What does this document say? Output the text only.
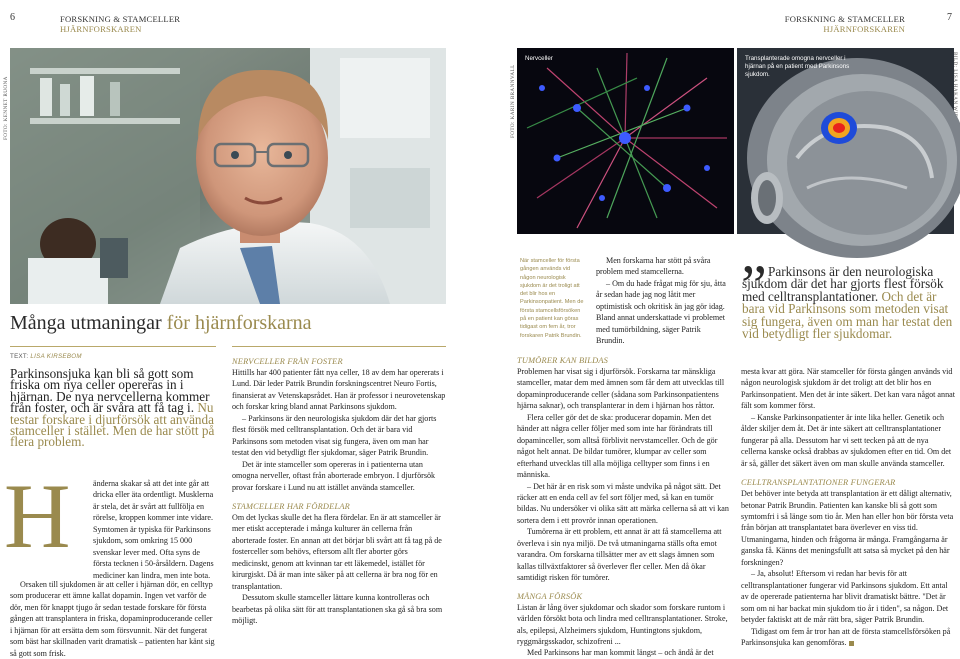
6	FORSKNING & STAMCELLER
HJÄRNFORSKAREN
FORSKNING & STAMCELLER
HJÄRNFORSKAREN
7
FOTO: KENNET RUONA	FOTO: KARIN BRANNVALL
Nervceller	Transplanterade omogna nervceller i hjärnan på en patient med Parkinsons sjukdom.
Många utmaningar för hjärnforskarna
TEXT: LISA KIRSEBOM
Parkinsonsjuka kan bli så gott som friska om nya celler opereras in i hjärnan. De nya nervcellerna kommer från foster, och är svåra att få tag i. Nu testar forskare i djurförsök att använda stamceller i stället. Men de har stött på flera problem.
H	änderna skakar så att det inte går att dricka eller äta ordentligt. Musklerna är stela, det är svårt att fullfölja en rörelse, kroppen kommer inte vidare. Symtomen är typiska för Parkinsons sjukdom, som omkring 15 000 svenskar lever med. Ofta syns de första tecknen i 50-årsåldern. Dagens mediciner kan lindra, men inte bota.

Orsaken till sjukdomen är att celler i hjärnan dör, en celltyp som producerar ett ämne kallat dopamin. Ingen vet varför de dör, men för knappt tjugo år sedan testade forskare för första gången att transplantera in friska, dopaminproducerande celler i hjärnan för att ersätta dem som försvunnit. När det fungerat som bäst har skillnaden varit dramatisk – patienten har känt sig så gott som frisk.

NERVCELLER FRÅN FOSTER

Hittills har 400 patienter fått nya celler, 18 av dem har opererats i Lund. Där leder Patrik Brundin forskningscentret Neuro Fortis, finansierat av Vetenskapsrådet. Han är professor i neurovetenskap och forskar kring bland annat Parkinsons sjukdom.

– Parkinsons är den neurologiska sjukdom där det har gjorts flest försök med celltransplantation. Och det är bara vid Parkinsons som metoden visat sig fungera, även om man har testat den vid betydligt fler sjukdomar, säger Patrik Brundin.

Det är inte stamceller som opereras in i patienterna utan omogna nerveller, oftast från aborterade embryon. I djurförsök provar forskare i Lund nu att istället använda stamceller.

STAMCELLER HAR FÖRDELAR

Om det lyckas skulle det ha flera fördelar. En är att stamceller är mer etiskt accepterade i många kulturer än cellerna från aborterade foster. En annan att det börjar bli svårt att få tag på de fosterceller som behövs, eftersom allt fler aborter görs medicinskt, genom att kvinnan tar ett läkemedel, istället för kirurgiskt. Då är man inte säker på att cellerna är bra nog för en transplantation.

Dessutom skulle stamceller lättare kunna kontrolleras och bearbetas på olika sätt för att transplantationen ska gå så bra som möjligt.

När stamceller för första gången används vid någon neurologisk sjukdom är det troligt att det blir hos en Parkinsonpatient. Men de första stamcellsförsöken på en patient kan göras tidigast om fem år, tror forskaren Patrik Brundin.

Men forskarna har stött på svåra problem med stamcellerna.

– Om du hade frågat mig för sju, åtta år sedan hade jag nog låtit mer optimistisk och okritisk än jag gör idag. Bland annat underskattade vi problemet med tumörbildning, säger Patrik Brundin.

TUMÖRER KAN BILDAS

Problemen har visat sig i djurförsök. Forskarna tar mänskliga stamceller, matar dem med ämnen som får dem att utvecklas till dopaminproducerande celler (sådana som Parkinsonpatientens hjärna saknar), och transplanterar in dem i hjärnan hos råttor.

Flera celler gör det de ska: producerar dopamin. Men det händer att några celler följer med som inte har förändrats till dopaminceller, som alltså förblivit nervstamceller. Och de gör något helt annat. De bildar tumörer, klumpar av celler som efterhand utvecklas till alla möjliga celltyper som finns i en människa.

– Det här är en risk som vi måste undvika på något sätt. Det räcker att en enda cell av fel sort följer med, så kan en tumör bildas. Nu undersöker vi olika sätt att märka cellerna så att vi kan sortera dem i ett provrör innan operationen.

Tumörerna är ett problem, ett annat är att få stamcellerna att överleva i sin nya miljö. De två utmaningarna ställs ofta emot varandra. Om forskarna tillsätter mer av ett slags ämnen som kallas tillväxtfaktorer så överlever fler celler. Men då ökar samtidigt risken för tumörer.

MÅNGA FÖRSÖK

Listan är lång över sjukdomar och skador som forskare runtom i världen försökt bota och lindra med celltransplantationer. Stroke, als, epilepsi, Alzheimers sjukdom, Huntingtons sjukdom, ryggmärgsskador, schizofreni ...

Med Parkinsons har man kommit längst – och ändå är det

” Parkinsons är den neurologiska sjukdom där det har gjorts flest försök med celltransplantationer. Och det är bara vid Parkinsons som metoden visat sig fungera, även om man har testat den vid betydligt fler sjukdomar.

mesta kvar att göra. När stamceller för första gången används vid någon neurologisk sjukdom är det troligt att det blir hos en Parkinsonpatient. Men det är inte säkert. Det kan vara något annat fält som kommer först.

– Kanske Parkinsonpatienter är inte lika heller. Genetik och ålder skiljer dem åt. Det är inte säkert att celltransplantationer fungerar på alla. Dessutom har vi sett tecken på att de nya cellerna kanske också drabbas av sjukdomen efter en tid. Om det är så, gäller det säkert även om man skulle använda stamceller.

CELLTRANSPLANTATIONER FUNGERAR

Det behöver inte betyda att transplantation är ett dåligt alternativ, betonar Patrik Brundin. Patienten kan kanske bli så gott som symtomfri i så länge som tio år. Men han eller hon bör första veta från början att transplantatet bara överlever en viss tid. Utmaningarna, hinden och frågorna är många. Framgångarna är ganska få. Känns det meningsfullt att satsa så mycket på den här forskningen?

– Ja, absolut! Eftersom vi redan har bevis för att celltransplantationer fungerar vid Parkinsons sjukdom. Ett antal av de opererade patienterna har blivit dramatiskt bättre. "Det är som om ni har backat min sjukdom tio år i tiden", sa någon. Det betyder faktiskt att de mår rätt bra, säger Patrik Brundin.

Tidigast om fem år tror han att de första stamcellsförsöken på Parkinsonsjuka kan genomföras.
